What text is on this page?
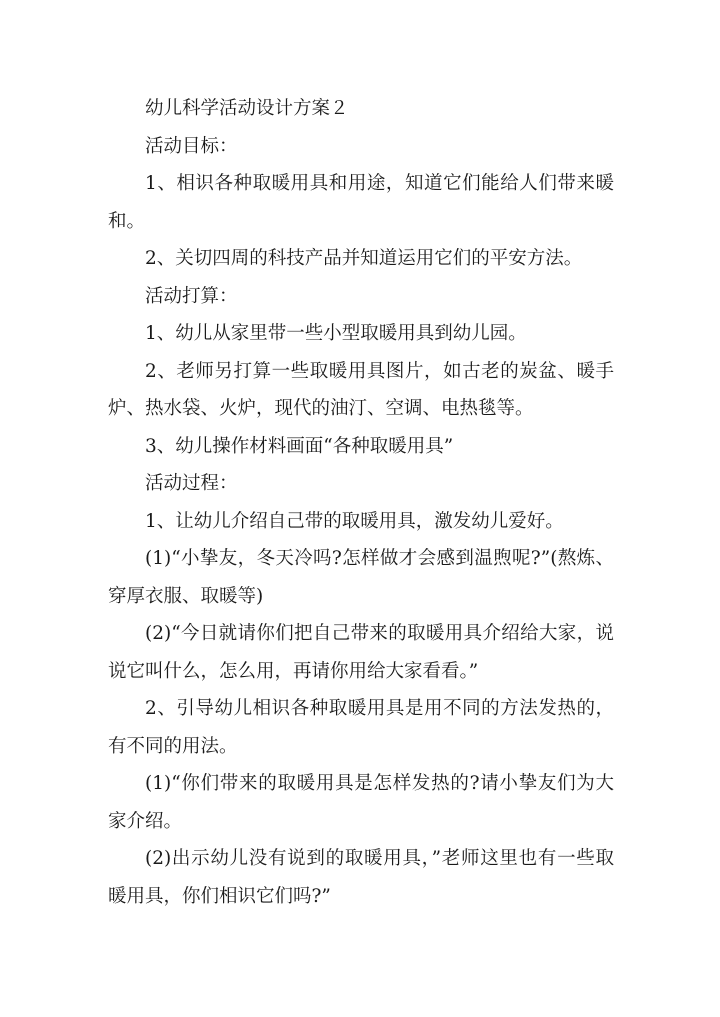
幼儿科学活动设计方案２

活动目标：

1、相识各种取暖用具和用途，知道它们能给人们带来暖和。

2、关切四周的科技产品并知道运用它们的平安方法。

活动打算：

1、幼儿从家里带一些小型取暖用具到幼儿园。

2、老师另打算一些取暖用具图片，如古老的炭盆、暖手炉、热水袋、火炉，现代的油汀、空调、电热毯等。

3、幼儿操作材料画面“各种取暖用具”

活动过程：

1、让幼儿介绍自己带的取暖用具，激发幼儿爱好。

(1)“小挚友，冬天冷吗?怎样做才会感到温煦呢?”(熬炼、穿厚衣服、取暖等)

(2)“今日就请你们把自己带来的取暖用具介绍给大家，说说它叫什么，怎么用，再请你用给大家看看。”

2、引导幼儿相识各种取暖用具是用不同的方法发热的，有不同的用法。

(1)“你们带来的取暖用具是怎样发热的?请小挚友们为大家介绍。

(2)出示幼儿没有说到的取暖用具，”老师这里也有一些取暖用具，你们相识它们吗?”
